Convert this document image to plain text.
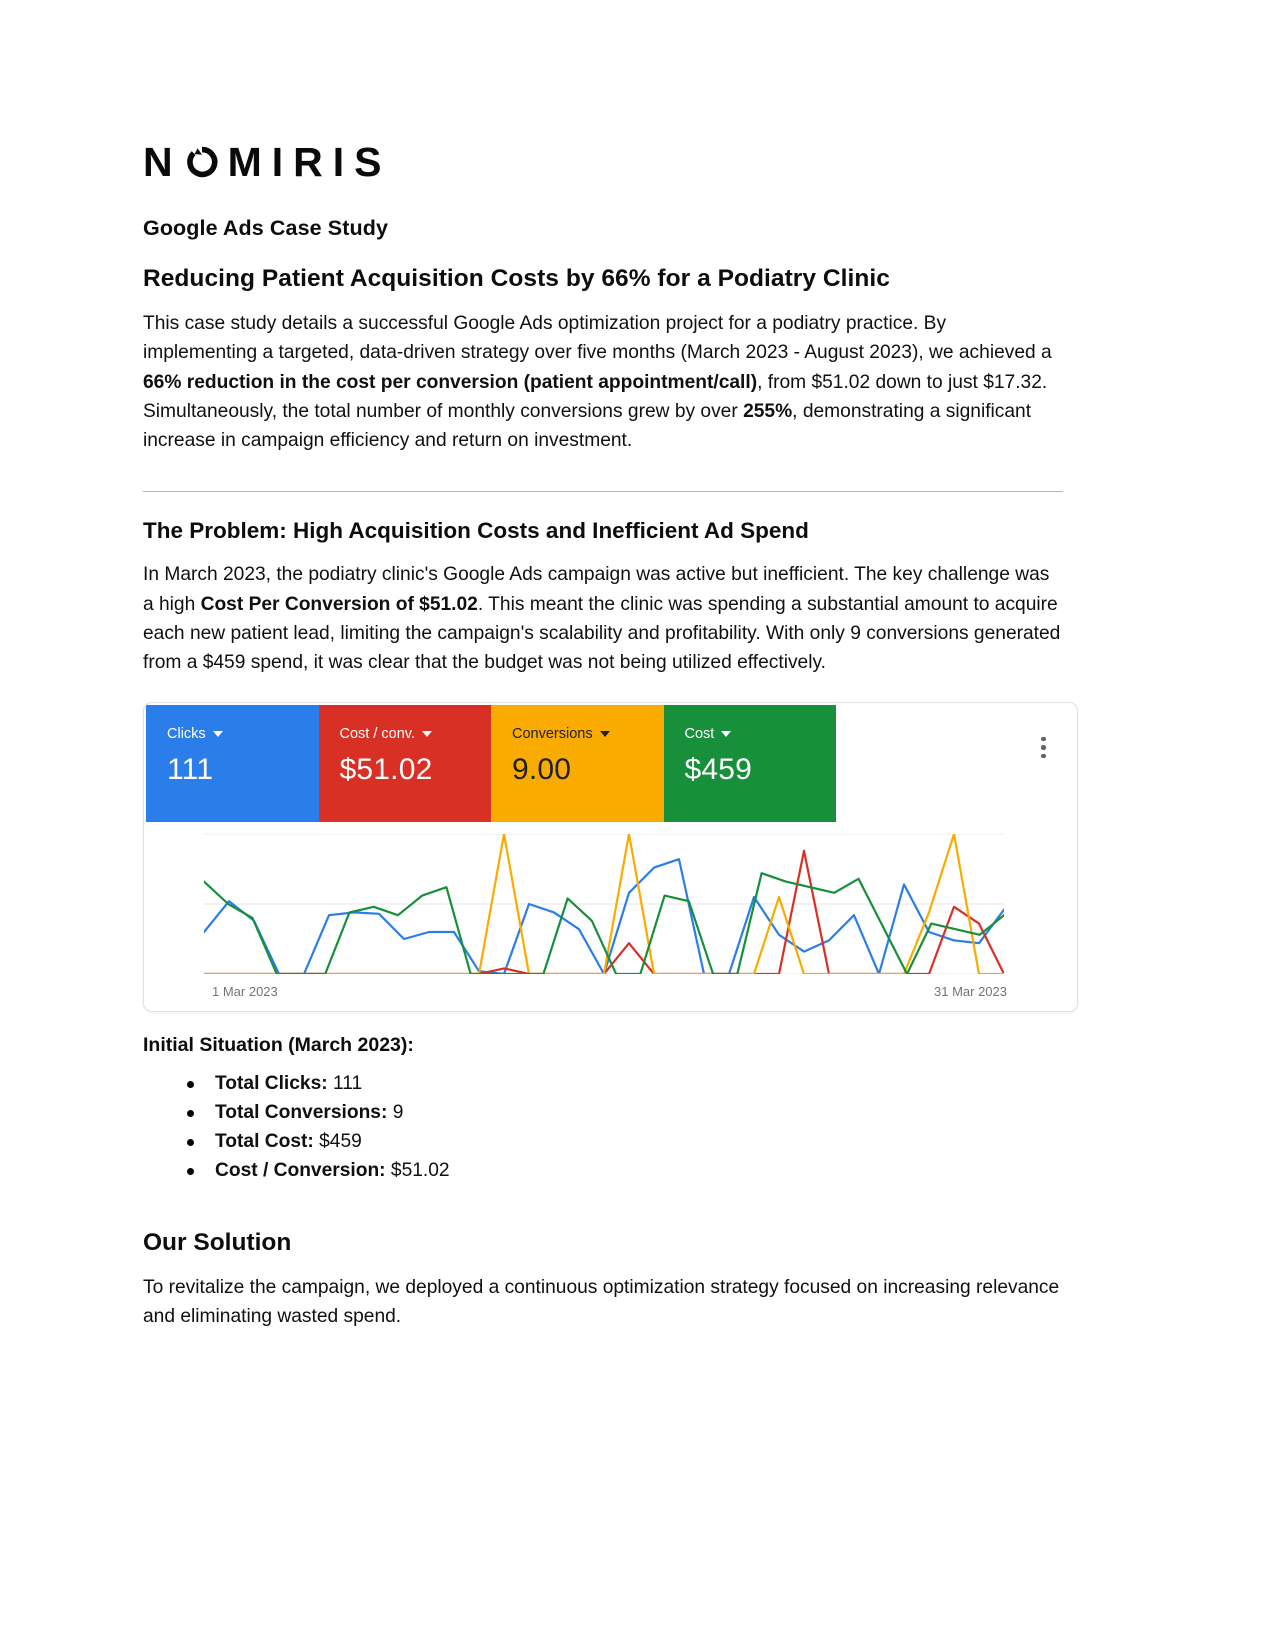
N MIRIS
Google Ads Case Study
Reducing Patient Acquisition Costs by 66% for a Podiatry Clinic

This case study details a successful Google Ads optimization project for a podiatry practice. By implementing a targeted, data-driven strategy over five months (March 2023 - August 2023), we achieved a 66% reduction in the cost per conversion (patient appointment/call), from $51.02 down to just $17.32. Simultaneously, the total number of monthly conversions grew by over 255%, demonstrating a significant increase in campaign efficiency and return on investment.

The Problem: High Acquisition Costs and Inefficient Ad Spend

In March 2023, the podiatry clinic's Google Ads campaign was active but inefficient. The key challenge was a high Cost Per Conversion of $51.02. This meant the clinic was spending a substantial amount to acquire each new patient lead, limiting the campaign's scalability and profitability. With only 9 conversions generated from a $459 spend, it was clear that the budget was not being utilized effectively.

Clicks
111
Cost / conv.
$51.02
Conversions
9.00
Cost
$459
1 Mar 2023	31 Mar 2023
Initial Situation (March 2023):
Total Clicks: 111
Total Conversions: 9
Total Cost: $459
Cost / Conversion: $51.02
Our Solution

To revitalize the campaign, we deployed a continuous optimization strategy focused on increasing relevance and eliminating wasted spend.
